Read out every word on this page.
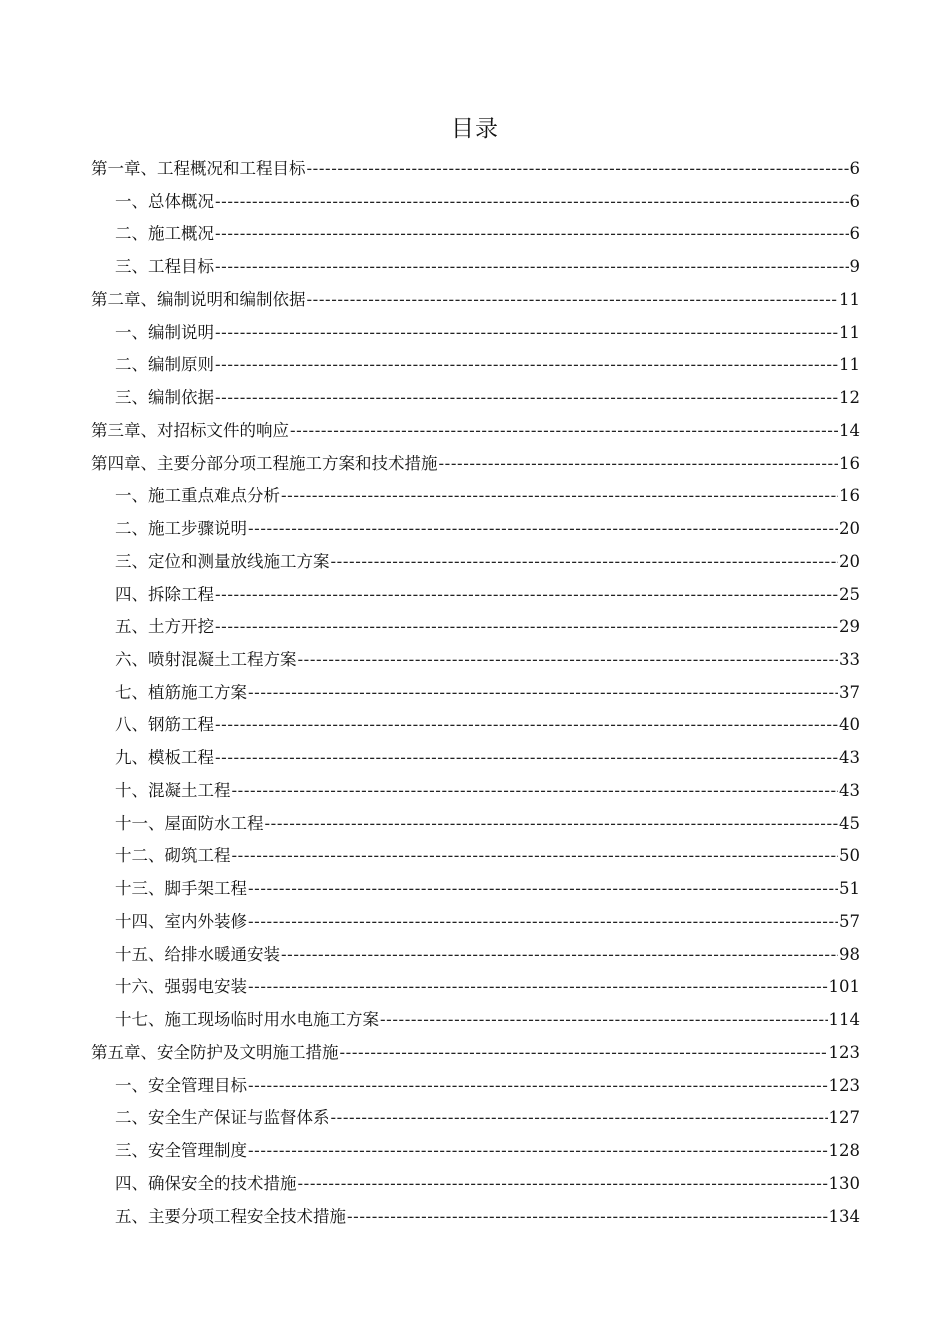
目录
第一章、工程概况和工程目标 -----	6
一、总体概况 -----	6
二、施工概况 -----	6
三、工程目标 -----	9
第二章、编制说明和编制依据 -----	11
一、编制说明 -----	11
二、编制原则 -----	11
三、编制依据 -----	12
第三章、对招标文件的响应 -----	14
第四章、主要分部分项工程施工方案和技术措施 -----	16
一、施工重点难点分析 -----	16
二、施工步骤说明 -----	20
三、定位和测量放线施工方案 -----	20
四、拆除工程 -----	25
五、土方开挖 -----	29
六、喷射混凝土工程方案 -----	33
七、植筋施工方案 -----	37
八、钢筋工程 -----	40
九、模板工程 -----	43
十、混凝土工程 -----	43
十一、屋面防水工程 -----	45
十二、砌筑工程 -----	50
十三、脚手架工程 -----	51
十四、室内外装修 -----	57
十五、给排水暖通安装 -----	98
十六、强弱电安装 -----	101
十七、施工现场临时用水电施工方案 -----	114
第五章、安全防护及文明施工措施 -----	123
一、安全管理目标 -----	123
二、安全生产保证与监督体系 -----	127
三、安全管理制度 -----	128
四、确保安全的技术措施 -----	130
五、主要分项工程安全技术措施 -----	134
